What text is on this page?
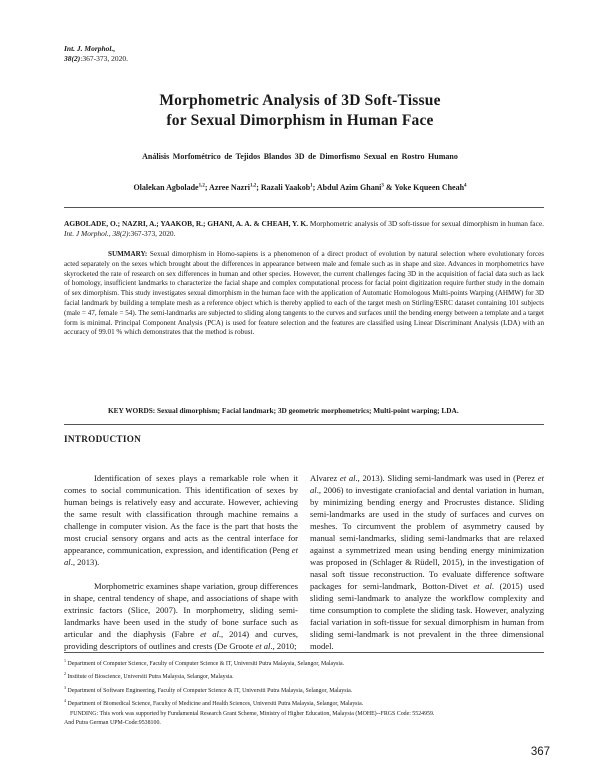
Int. J. Morphol.,
38(2):367-373, 2020.
Morphometric Analysis of 3D Soft-Tissue
for Sexual Dimorphism in Human Face
Análisis Morfométrico de Tejidos Blandos 3D de Dimorfismo Sexual en Rostro Humano
Olalekan Agbolade$^{1,2}$; Azree Nazri$^{1,2}$; Razali Yaakob$^1$; Abdul Azim Ghani$^3$ & Yoke Kqueen Cheah$^4$
AGBOLADE, O.; NAZRI, A.; YAAKOB, R.; GHANI, A. A. & CHEAH, Y. K. Morphometric analysis of 3D soft-tissue for sexual dimorphism in human face. Int. J Morphol., 38(2):367-373, 2020.
SUMMARY: Sexual dimorphism in Homo-sapiens is a phenomenon of a direct product of evolution by natural selection where evolutionary forces acted separately on the sexes which brought about the differences in appearance between male and female such as in shape and size. Advances in morphometrics have skyrocketed the rate of research on sex differences in human and other species. However, the current challenges facing 3D in the acquisition of facial data such as lack of homology, insufficient landmarks to characterize the facial shape and complex computational process for facial point digitization require further study in the domain of sex dimorphism. This study investigates sexual dimorphism in the human face with the application of Automatic Homologous Multi-points Warping (AHMW) for 3D facial landmark by building a template mesh as a reference object which is thereby applied to each of the target mesh on Stirling/ESRC dataset containing 101 subjects (male = 47, female = 54). The semi-landmarks are subjected to sliding along tangents to the curves and surfaces until the bending energy between a template and a target form is minimal. Principal Component Analysis (PCA) is used for feature selection and the features are classified using Linear Discriminant Analysis (LDA) with an accuracy of 99.01 % which demonstrates that the method is robust.
KEY WORDS: Sexual dimorphism; Facial landmark; 3D geometric morphometrics; Multi-point warping; LDA.
INTRODUCTION

Identification of sexes plays a remarkable role when it comes to social communication. This identification of sexes by human beings is relatively easy and accurate. However, achieving the same result with classification through machine remains a challenge in computer vision. As the face is the part that hosts the most crucial sensory organs and acts as the central interface for appearance, communication, expression, and identification (Peng et al., 2013).

Morphometric examines shape variation, group differences in shape, central tendency of shape, and associations of shape with extrinsic factors (Slice, 2007). In morphometry, sliding semi-landmarks have been used in the study of bone surface such as articular and the diaphysis (Fabre et al., 2014) and curves, providing descriptors of outlines and crests (De Groote et al., 2010;

Alvarez et al., 2013). Sliding semi-landmark was used in (Perez et al., 2006) to investigate craniofacial and dental variation in human, by minimizing bending energy and Procrustes distance. Sliding semi-landmarks are used in the study of surfaces and curves on meshes. To circumvent the problem of asymmetry caused by manual semi-landmarks, sliding semi-landmarks that are relaxed against a symmetrized mean using bending energy minimization was proposed in (Schlager & Rüdell, 2015), in the investigation of nasal soft tissue reconstruction. To evaluate difference software packages for semi-landmark, Botton-Divet et al. (2015) used sliding semi-landmark to analyze the workflow complexity and time consumption to complete the sliding task. However, analyzing facial variation in soft-tissue for sexual dimorphism in human from sliding semi-landmark is not prevalent in the three dimensional model.

$^1$ Department of Computer Science, Faculty of Computer Science & IT, Universiti Putra Malaysia, Selangor, Malaysia.
$^2$ Institute of Bioscience, Universiti Putra Malaysia, Selangor, Malaysia.
$^3$ Department of Software Engineering, Faculty of Computer Science & IT, Universiti Putra Malaysia, Selangor, Malaysia.
$^4$ Department of Biomedical Science, Faculty of Medicine and Health Sciences, Universiti Putra Malaysia, Selangor, Malaysia.
FUNDING: This work was supported by Fundamental Research Grant Scheme, Ministry of Higher Education, Malaysia (MOHE)--FRGS Code: 5524959.
And Putra German UPM-Code:9538100.
367
